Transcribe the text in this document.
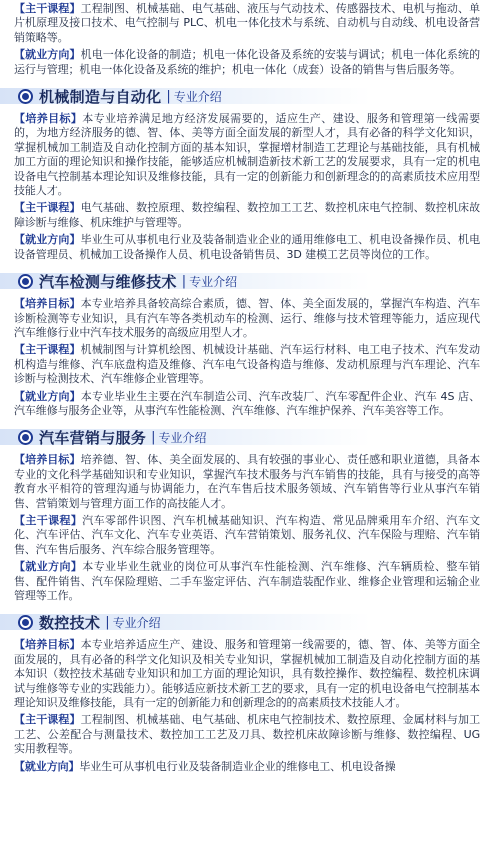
【主干课程】工程制图、机械基础、电气基础、液压与气动技术、传感器技术、电机与拖动、单片机原理及接口技术、电气控制与 PLC、机电一体化技术与系统、自动机与自动线、机电设备营销策略等。

【就业方向】机电一体化设备的制造；机电一体化设备及系统的安装与调试；机电一体化系统的运行与管理；机电一体化设备及系统的维护；机电一体化（成套）设备的销售与售后服务等。

机械制造与自动化 | 专业介绍

【培养目标】本专业培养满足地方经济发展需要的，适应生产、建设、服务和管理第一线需要的，为地方经济服务的德、智、体、美等方面全面发展的新型人才，具有必备的科学文化知识，掌握机械加工制造及自动化控制方面的基本知识，掌握增材制造工艺理论与基础技能，具有机械加工方面的理论知识和操作技能，能够适应机械制造新技术新工艺的发展要求，具有一定的机电设备电气控制基本理论知识及维修技能，具有一定的创新能力和创新理念的的高素质技术应用型技能人才。

【主干课程】电气基础、数控原理、数控编程、数控加工工艺、数控机床电气控制、数控机床故障诊断与维修、机床维护与管理等。

【就业方向】毕业生可从事机电行业及装备制造业企业的通用维修电工、机电设备操作员、机电设备管理员、机械加工设备操作人员、机电设备销售员、3D 建模工艺员等岗位的工作。

汽车检测与维修技术 | 专业介绍

【培养目标】本专业培养具备较高综合素质，德、智、体、美全面发展的，掌握汽车构造、汽车诊断检测等专业知识，具有汽车等各类机动车的检测、运行、维修与技术管理等能力，适应现代汽车维修行业中汽车技术服务的高级应用型人才。

【主干课程】机械制图与计算机绘图、机械设计基础、汽车运行材料、电工电子技术、汽车发动机构造与维修、汽车底盘构造及维修、汽车电气设备构造与维修、发动机原理与汽车理论、汽车诊断与检测技术、汽车维修企业管理等。

【就业方向】本专业毕业生主要在汽车制造公司、汽车改装厂、汽车零配件企业、汽车 4S 店、汽车维修与服务企业等，从事汽车性能检测、汽车维修、汽车维护保养、汽车美容等工作。

汽车营销与服务 | 专业介绍

【培养目标】培养德、智、体、美全面发展的、具有较强的事业心、责任感和职业道德，具备本专业的文化科学基础知识和专业知识，掌握汽车技术服务与汽车销售的技能，具有与接受的高等教育水平相符的管理沟通与协调能力，在汽车售后技术服务领域、汽车销售等行业从事汽车销售、营销策划与管理方面工作的高技能人才。

【主干课程】汽车零部件识图、汽车机械基础知识、汽车构造、常见品牌乘用车介绍、汽车文化、汽车评估、汽车文化、汽车专业英语、汽车营销策划、服务礼仪、汽车保险与理赔、汽车销售、汽车售后服务、汽车综合服务管理等。

【就业方向】本专业毕业生就业的岗位可从事汽车性能检测、汽车维修、汽车辆质检、整车销售、配件销售、汽车保险理赔、二手车鉴定评估、汽车制造装配作业、维修企业管理和运输企业管理等工作。

数控技术 | 专业介绍

【培养目标】本专业培养适应生产、建设、服务和管理第一线需要的，德、智、体、美等方面全面发展的，具有必备的科学文化知识及相关专业知识，掌握机械加工制造及自动化控制方面的基本知识（数控技术基础专业知识和加工方面的理论知识，具有数控操作、数控编程、数控机床调试与维修等专业的实践能力）。能够适应新技术新工艺的要求，具有一定的机电设备电气控制基本理论知识及维修技能，具有一定的创新能力和创新理念的的高素质技术技能人才。

【主干课程】工程制图、机械基础、电气基础、机床电气控制技术、数控原理、金属材料与加工工艺、公差配合与测量技术、数控加工工艺及刀具、数控机床故障诊断与维修、数控编程、UG 实用教程等。

【就业方向】毕业生可从事机电行业及装备制造业企业的维修电工、机电设备操
